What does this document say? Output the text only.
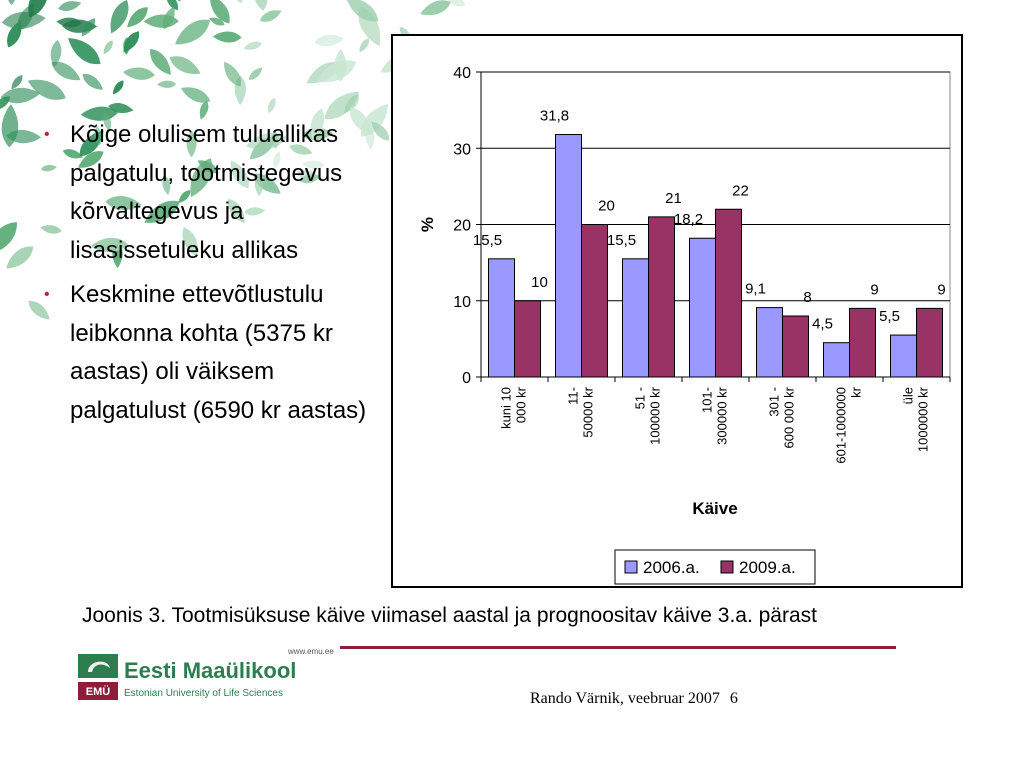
• Kõige olulisem tuluallikas palgatulu, tootmistegevus kõrvaltegevus ja lisasissetuleku allikas
• Keskmine ettevõtlustulu leibkonna kohta (5375 kr aastas) oli väiksem palgatulust (6590 kr aastas)
0
10
20
30
40
15,5
10
kuni 10000 kr
31,8
20
11-50000 kr
15,5
21
51 -100000 kr
18,2
22
101-300000 kr
9,1 8
301 -600 000 kr
4,5
9
601-1000000kr
5,5
9
üle1000000 kr
%
Käive
2006.a. 2009.a.
Joonis 3. Tootmisüksuse käive viimasel aastal ja prognoositav käive 3.a. pärast
www.emu.ee
EMÜ
Eesti Maaülikool
Estonian University of Life Sciences	Rando Värnik, veebruar 2007 6
